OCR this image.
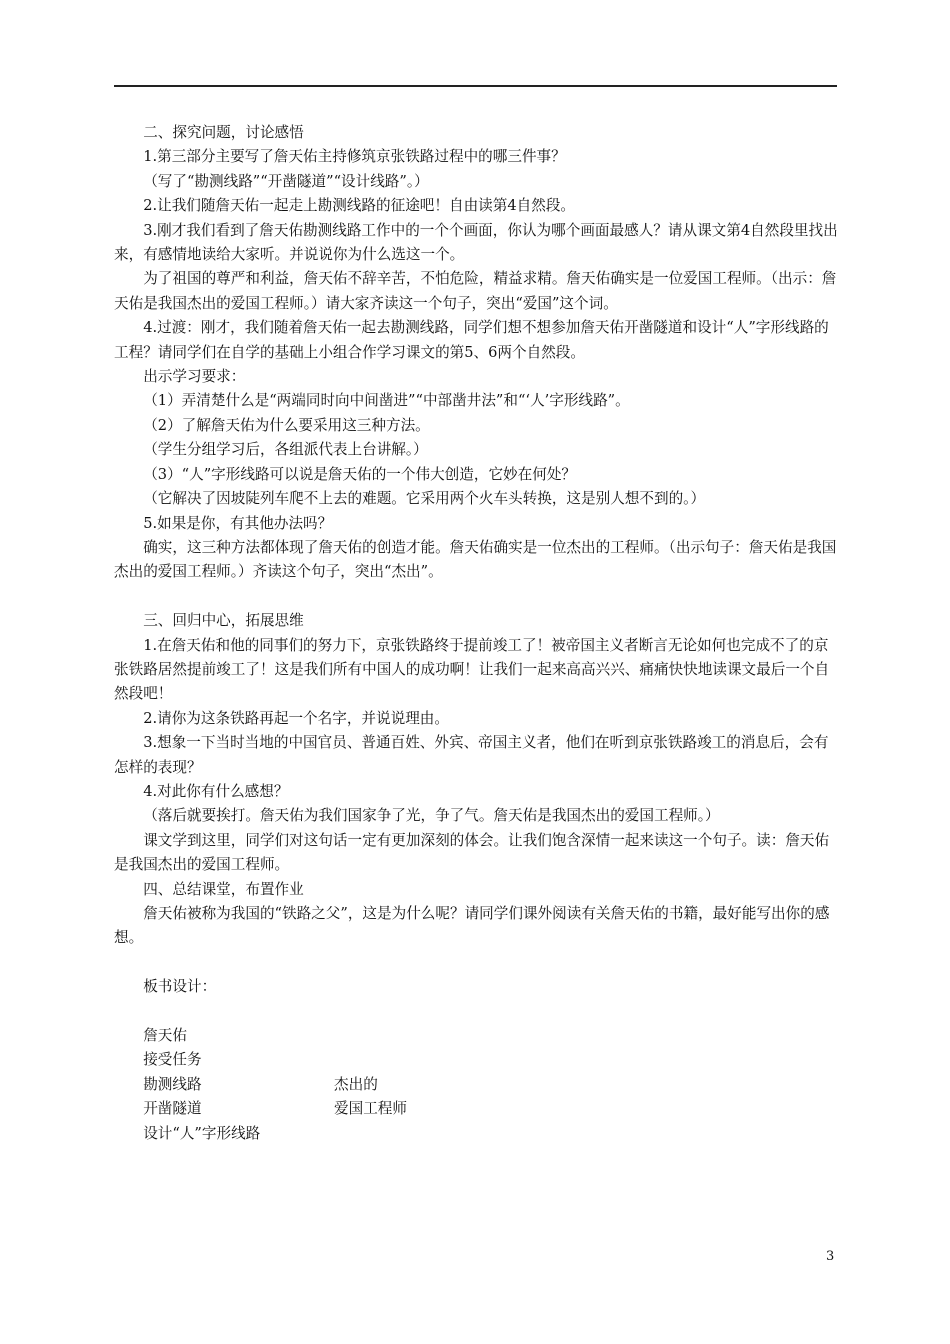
二、探究问题，讨论感悟

1.第三部分主要写了詹天佑主持修筑京张铁路过程中的哪三件事？

（写了“勘测线路”“开凿隧道”“设计线路”。）

2.让我们随詹天佑一起走上勘测线路的征途吧！自由读第4自然段。

3.刚才我们看到了詹天佑勘测线路工作中的一个个画面，你认为哪个画面最感人？请从课文第4自然段里找出来，有感情地读给大家听。并说说你为什么选这一个。

为了祖国的尊严和利益，詹天佑不辞辛苦，不怕危险，精益求精。詹天佑确实是一位爱国工程师。（出示：詹天佑是我国杰出的爱国工程师。）请大家齐读这一个句子，突出“爱国”这个词。

4.过渡：刚才，我们随着詹天佑一起去勘测线路，同学们想不想参加詹天佑开凿隧道和设计“人”字形线路的工程？请同学们在自学的基础上小组合作学习课文的第5、6两个自然段。

出示学习要求：

（1）弄清楚什么是“两端同时向中间凿进”“中部凿井法”和“‘人’字形线路”。

（2）了解詹天佑为什么要采用这三种方法。

（学生分组学习后，各组派代表上台讲解。）

（3）“人”字形线路可以说是詹天佑的一个伟大创造，它妙在何处？

（它解决了因坡陡列车爬不上去的难题。它采用两个火车头转换，这是别人想不到的。）

5.如果是你，有其他办法吗？

确实，这三种方法都体现了詹天佑的创造才能。詹天佑确实是一位杰出的工程师。（出示句子：詹天佑是我国杰出的爱国工程师。）齐读这个句子，突出“杰出”。

三、回归中心，拓展思维

1.在詹天佑和他的同事们的努力下，京张铁路终于提前竣工了！被帝国主义者断言无论如何也完成不了的京张铁路居然提前竣工了！这是我们所有中国人的成功啊！让我们一起来高高兴兴、痛痛快快地读课文最后一个自然段吧！

2.请你为这条铁路再起一个名字，并说说理由。

3.想象一下当时当地的中国官员、普通百姓、外宾、帝国主义者，他们在听到京张铁路竣工的消息后，会有怎样的表现？

4.对此你有什么感想？

（落后就要挨打。詹天佑为我们国家争了光，争了气。詹天佑是我国杰出的爱国工程师。）

课文学到这里，同学们对这句话一定有更加深刻的体会。让我们饱含深情一起来读这一个句子。读：詹天佑是我国杰出的爱国工程师。

四、总结课堂，布置作业

詹天佑被称为我国的“铁路之父”，这是为什么呢？请同学们课外阅读有关詹天佑的书籍，最好能写出你的感想。

板书设计：

詹天佑
接受任务
勘测线路	杰出的
开凿隧道	爱国工程师
设计“人”字形线路
3
